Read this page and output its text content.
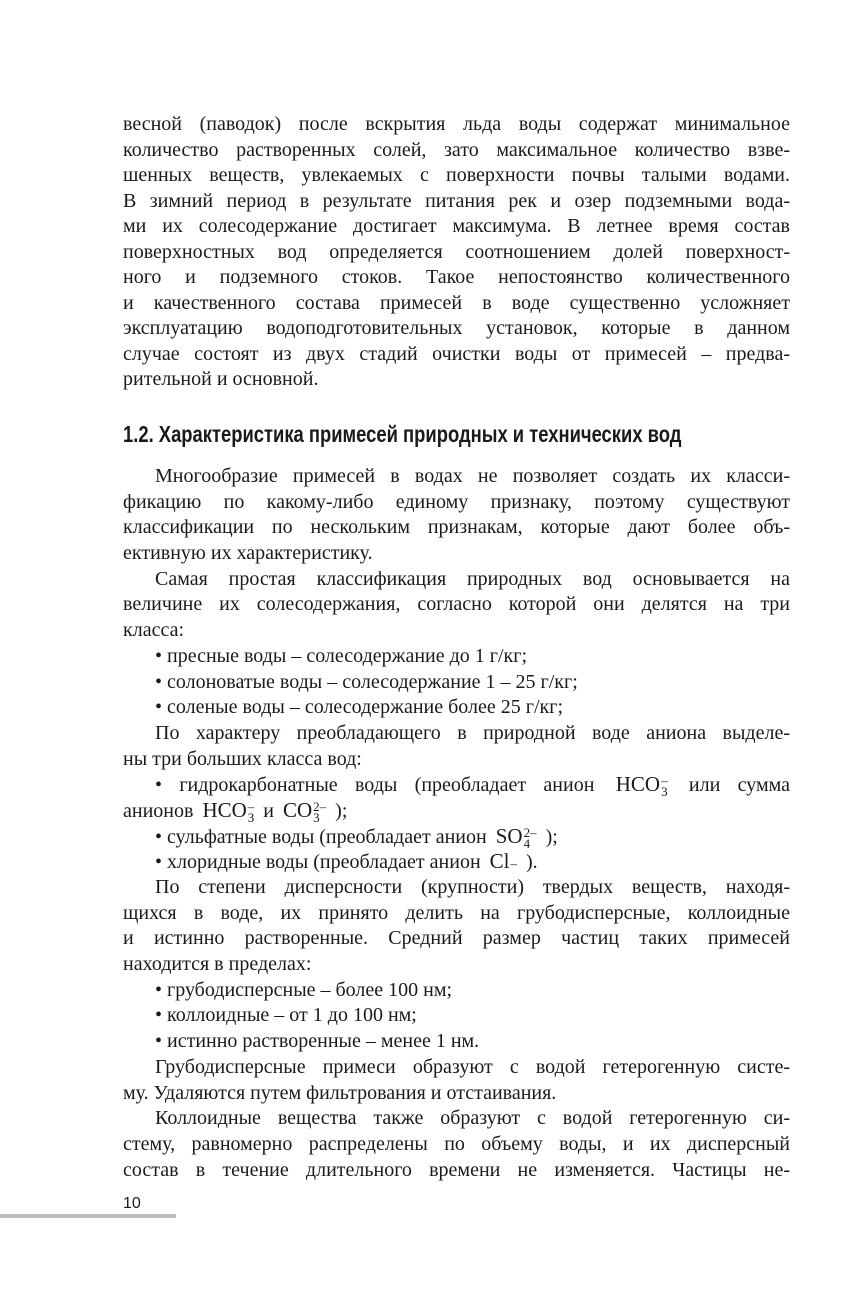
весной (паводок) после вскрытия льда воды содержат минимальное
количество растворенных солей, зато максимальное количество взве-
шенных веществ, увлекаемых с поверхности почвы талыми водами.
В зимний период в результате питания рек и озер подземными вода-
ми их солесодержание достигает максимума. В летнее время состав
поверхностных вод определяется соотношением долей поверхност-
ного и подземного стоков. Такое непостоянство количественного
и качественного состава примесей в воде существенно усложняет
эксплуатацию водоподготовительных установок, которые в данном
случае состоят из двух стадий очистки воды от примесей – предва-
рительной и основной.
1.2. Характеристика примесей природных и технических вод
Многообразие примесей в водах не позволяет создать их класси-
фикацию по какому-либо единому признаку, поэтому существуют
классификации по нескольким признакам, которые дают более объ-
ективную их характеристику.
Самая простая классификация природных вод основывается на
величине их солесодержания, согласно которой они делятся на три
класса:
• пресные воды – солесодержание до 1 г/кг;
• солоноватые воды – солесодержание 1 – 25 г/кг;
• соленые воды – солесодержание более 25 г/кг;
По характеру преобладающего в природной воде аниона выделе-
ны три больших класса вод:
• гидрокарбонатные воды (преобладает анион HCO –
3 или сумма
анионов HCO –
3 и CO 2–
3 );
• сульфатные воды (преобладает анион SO 2–
4 );
• хлоридные воды (преобладает анион Cl – ).
По степени дисперсности (крупности) твердых веществ, находя-
щихся в воде, их принято делить на грубодисперсные, коллоидные
и истинно растворенные. Средний размер частиц таких примесей
находится в пределах:
• грубодисперсные – более 100 нм;
• коллоидные – от 1 до 100 нм;
• истинно растворенные – менее 1 нм.
Грубодисперсные примеси образуют с водой гетерогенную систе-
му. Удаляются путем фильтрования и отстаивания.
Коллоидные вещества также образуют с водой гетерогенную си-
стему, равномерно распределены по объему воды, и их дисперсный
состав в течение длительного времени не изменяется. Частицы не-
10
